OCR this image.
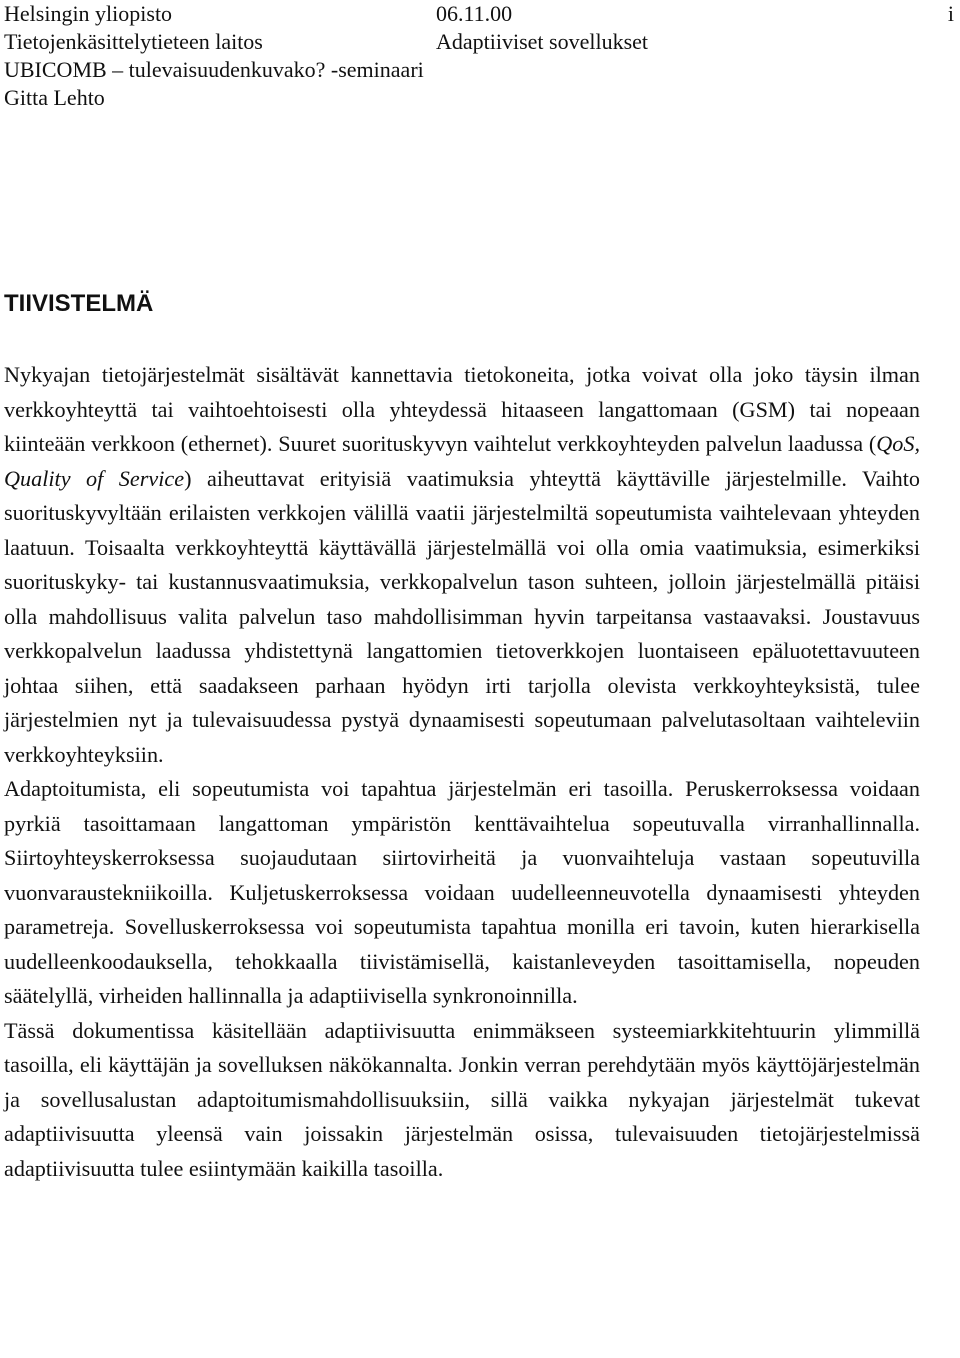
Helsingin yliopisto	06.11.00	i
Tietojenkäsittelytieteen laitos	Adaptiiviset sovellukset
UBICOMB – tulevaisuudenkuvako? -seminaari
Gitta Lehto
TIIVISTELMÄ

Nykyajan tietojärjestelmät sisältävät kannettavia tietokoneita, jotka voivat olla joko täysin ilman verkkoyhteyttä tai vaihtoehtoisesti olla yhteydessä hitaaseen langattomaan (GSM) tai nopeaan kiinteään verkkoon (ethernet). Suuret suorituskyvyn vaihtelut verkkoyhteyden palvelun laadussa (QoS, Quality of Service) aiheuttavat erityisiä vaatimuksia yhteyttä käyttäville järjestelmille. Vaihto suorituskyvyltään erilaisten verkkojen välillä vaatii järjestelmiltä sopeutumista vaihtelevaan yhteyden laatuun. Toisaalta verkkoyhteyttä käyttävällä järjestelmällä voi olla omia vaatimuksia, esimerkiksi suorituskyky- tai kustannusvaatimuksia, verkkopalvelun tason suhteen, jolloin järjestelmällä pitäisi olla mahdollisuus valita palvelun taso mahdollisimman hyvin tarpeitansa vastaavaksi. Joustavuus verkkopalvelun laadussa yhdistettynä langattomien tietoverkkojen luontaiseen epäluotettavuuteen johtaa siihen, että saadakseen parhaan hyödyn irti tarjolla olevista verkkoyhteyksistä, tulee järjestelmien nyt ja tulevaisuudessa pystyä dynaamisesti sopeutumaan palvelutasoltaan vaihteleviin verkkoyhteyksiin.

Adaptoitumista, eli sopeutumista voi tapahtua järjestelmän eri tasoilla. Peruskerroksessa voidaan pyrkiä tasoittamaan langattoman ympäristön kenttävaihtelua sopeutuvalla virranhallinnalla. Siirtoyhteyskerroksessa suojaudutaan siirtovirheitä ja vuonvaihteluja vastaan sopeutuvilla vuonvaraustekniikoilla. Kuljetuskerroksessa voidaan uudelleenneuvotella dynaamisesti yhteyden parametreja. Sovelluskerroksessa voi sopeutumista tapahtua monilla eri tavoin, kuten hierarkisella uudelleenkoodauksella, tehokkaalla tiivistämisellä, kaistanleveyden tasoittamisella, nopeuden säätelyllä, virheiden hallinnalla ja adaptiivisella synkronoinnilla.

Tässä dokumentissa käsitellään adaptiivisuutta enimmäkseen systeemiarkkitehtuurin ylimmillä tasoilla, eli käyttäjän ja sovelluksen näkökannalta. Jonkin verran perehdytään myös käyttöjärjestelmän ja sovellusalustan adaptoitumismahdollisuuksiin, sillä vaikka nykyajan järjestelmät tukevat adaptiivisuutta yleensä vain joissakin järjestelmän osissa, tulevaisuuden tietojärjestelmissä adaptiivisuutta tulee esiintymään kaikilla tasoilla.
